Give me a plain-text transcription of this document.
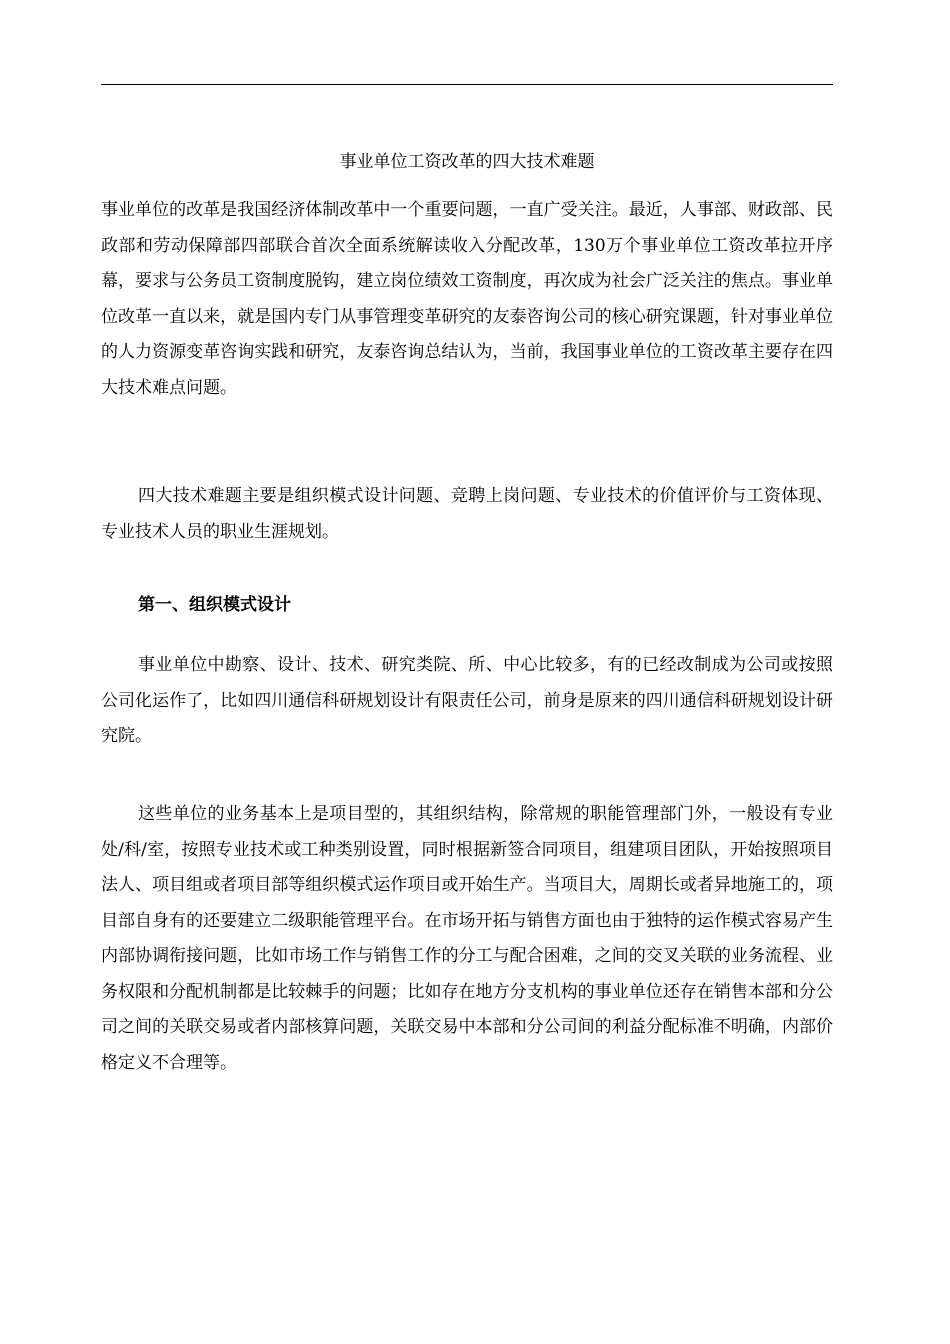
事业单位工资改革的四大技术难题

事业单位的改革是我国经济体制改革中一个重要问题，一直广受关注。最近，人事部、财政部、民政部和劳动保障部四部联合首次全面系统解读收入分配改革，130万个事业单位工资改革拉开序幕，要求与公务员工资制度脱钩，建立岗位绩效工资制度，再次成为社会广泛关注的焦点。事业单位改革一直以来，就是国内专门从事管理变革研究的友泰咨询公司的核心研究课题，针对事业单位的人力资源变革咨询实践和研究，友泰咨询总结认为，当前，我国事业单位的工资改革主要存在四大技术难点问题。

四大技术难题主要是组织模式设计问题、竞聘上岗问题、专业技术的价值评价与工资体现、专业技术人员的职业生涯规划。

第一、组织模式设计

事业单位中勘察、设计、技术、研究类院、所、中心比较多，有的已经改制成为公司或按照公司化运作了，比如四川通信科研规划设计有限责任公司，前身是原来的四川通信科研规划设计研究院。

这些单位的业务基本上是项目型的，其组织结构，除常规的职能管理部门外，一般设有专业处/科/室，按照专业技术或工种类别设置，同时根据新签合同项目，组建项目团队，开始按照项目法人、项目组或者项目部等组织模式运作项目或开始生产。当项目大，周期长或者异地施工的，项目部自身有的还要建立二级职能管理平台。在市场开拓与销售方面也由于独特的运作模式容易产生内部协调衔接问题，比如市场工作与销售工作的分工与配合困难，之间的交叉关联的业务流程、业务权限和分配机制都是比较棘手的问题；比如存在地方分支机构的事业单位还存在销售本部和分公司之间的关联交易或者内部核算问题，关联交易中本部和分公司间的利益分配标准不明确，内部价格定义不合理等。
